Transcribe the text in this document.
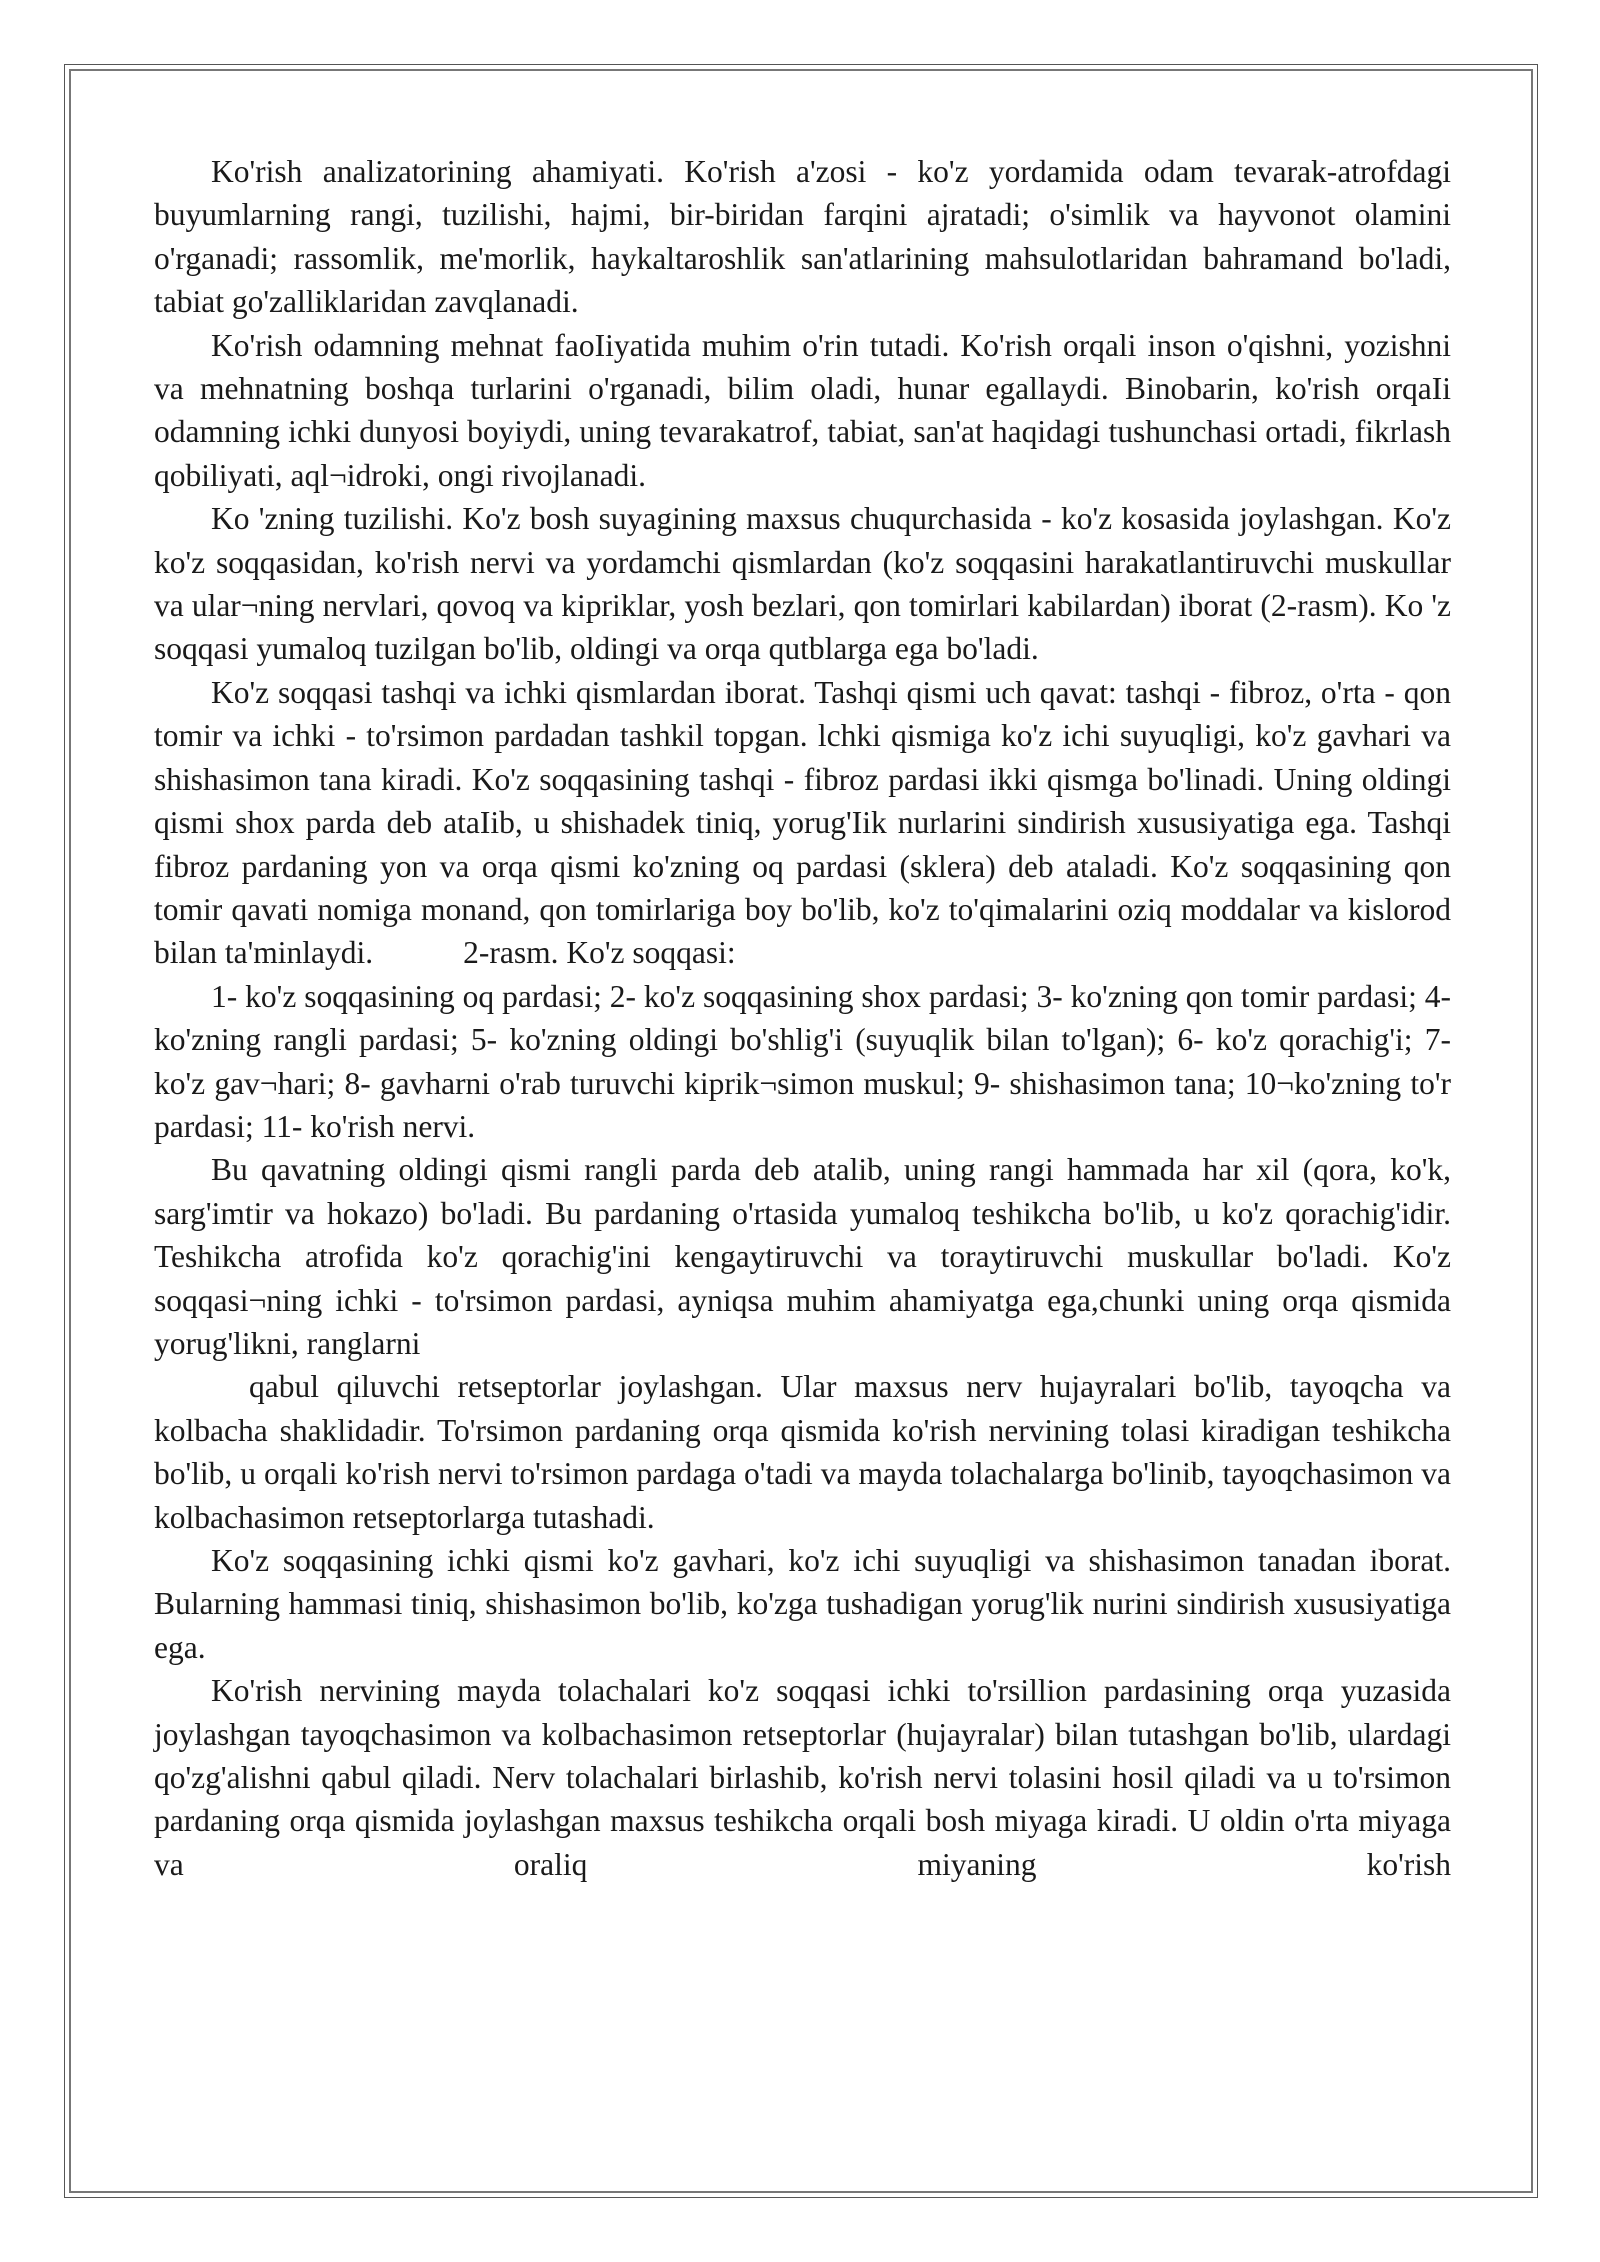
Ko'rish analizatorining ahamiyati. Ko'rish a'zosi - ko'z yordamida odam tevarak-atrofdagi buyumlarning rangi, tuzilishi, hajmi, bir-biridan farqini ajratadi; o'simlik va hayvonot olamini o'rganadi; rassomlik, me'morlik, haykaltaroshlik san'atlarining mahsulotlaridan bahramand bo'ladi, tabiat go'zalliklaridan zavqlanadi.

Ko'rish odamning mehnat faoIiyatida muhim o'rin tutadi. Ko'rish orqali inson o'qishni, yozishni va mehnatning boshqa turlarini o'rganadi, bilim oladi, hunar egallaydi. Binobarin, ko'rish orqaIi odamning ichki dunyosi boyiydi, uning tevarakatrof, tabiat, san'at haqidagi tushunchasi ortadi, fikrlash qobiliyati, aql¬idroki, ongi rivojlanadi.

Ko 'zning tuzilishi. Ko'z bosh suyagining maxsus chuqurchasida - ko'z kosasida joylashgan. Ko'z ko'z soqqasidan, ko'rish nervi va yordamchi qismlardan (ko'z soqqasini harakatlantiruvchi muskullar va ular¬ning nervlari, qovoq va kipriklar, yosh bezlari, qon tomirlari kabilardan) iborat (2-rasm). Ko 'z soqqasi yumaloq tuzilgan bo'lib, oldingi va orqa qutblarga ega bo'ladi.

Ko'z soqqasi tashqi va ichki qismlardan iborat. Tashqi qismi uch qavat: tashqi - fibroz, o'rta - qon tomir va ichki - to'rsimon pardadan tashkil topgan. lchki qismiga ko'z ichi suyuqligi, ko'z gavhari va shishasimon tana kiradi. Ko'z soqqasining tashqi - fibroz pardasi ikki qismga bo'linadi. Uning oldingi qismi shox parda deb ataIib, u shishadek tiniq, yorug'Iik nurlarini sindirish xususiyatiga ega. Tashqi fibroz pardaning yon va orqa qismi ko'zning oq pardasi (sklera) deb ataladi. Ko'z soqqasining qon tomir qavati nomiga monand, qon tomirlariga boy bo'lib, ko'z to'qimalarini oziq moddalar va kislorod bilan ta'minlaydi.	2-rasm. Ko'z soqqasi:

1- ko'z soqqasining oq pardasi; 2- ko'z soqqasining shox pardasi; 3- ko'zning qon tomir pardasi; 4- ko'zning rangli pardasi; 5- ko'zning oldingi bo'shlig'i (suyuqlik bilan to'lgan); 6- ko'z qorachig'i; 7- ko'z gav¬hari; 8- gavharni o'rab turuvchi kiprik¬simon muskul; 9- shishasimon tana; 10¬ko'zning to'r pardasi; 11- ko'rish nervi.

Bu qavatning oldingi qismi rangli parda deb atalib, uning rangi hammada har xil (qora, ko'k, sarg'imtir va hokazo) bo'ladi. Bu pardaning o'rtasida yumaloq teshikcha bo'lib, u ko'z qorachig'idir. Teshikcha atrofida ko'z qorachig'ini kengaytiruvchi va toraytiruvchi muskullar bo'ladi. Ko'z soqqasi¬ning ichki - to'rsimon pardasi, ayniqsa muhim ahamiyatga ega,chunki uning orqa qismida yorug'likni, ranglarni

qabul qiluvchi retseptorlar joylashgan. Ular maxsus nerv hujayralari bo'lib, tayoqcha va kolbacha shaklidadir. To'rsimon pardaning orqa qismida ko'rish nervining tolasi kiradigan teshikcha bo'lib, u orqali ko'rish nervi to'rsimon pardaga o'tadi va mayda tolachalarga bo'linib, tayoqchasimon va kolbachasimon retseptorlarga tutashadi.

Ko'z soqqasining ichki qismi ko'z gavhari, ko'z ichi suyuqligi va shishasimon tanadan iborat. Bularning hammasi tiniq, shishasimon bo'lib, ko'zga tushadigan yorug'lik nurini sindirish xususiyatiga ega.

Ko'rish nervining mayda tolachalari ko'z soqqasi ichki to'rsillion pardasining orqa yuzasida joylashgan tayoqchasimon va kolbachasimon retseptorlar (hujayralar) bilan tutashgan bo'lib, ulardagi qo'zg'alishni qabul qiladi. Nerv tolachalari birlashib, ko'rish nervi tolasini hosil qiladi va u to'rsimon pardaning orqa qismida joylashgan maxsus teshikcha orqali bosh miyaga kiradi. U oldin o'rta miyaga va oraliq miyaning ko'rish
